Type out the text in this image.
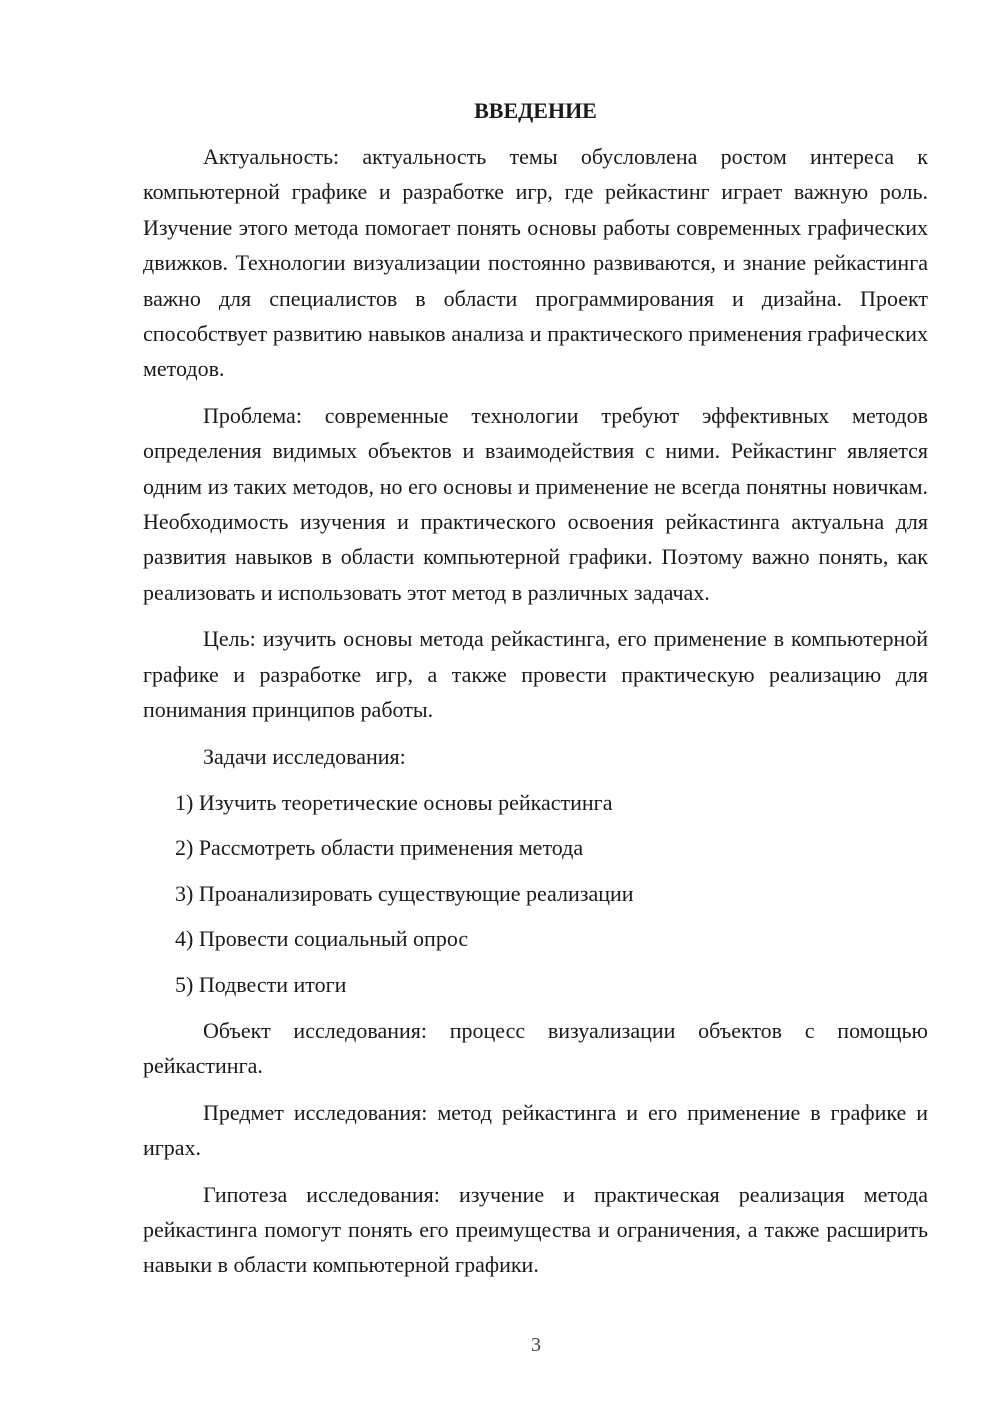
ВВЕДЕНИЕ

Актуальность: актуальность темы обусловлена ростом интереса к компьютерной графике и разработке игр, где рейкастинг играет важную роль. Изучение этого метода помогает понять основы работы современных графических движков. Технологии визуализации постоянно развиваются, и знание рейкастинга важно для специалистов в области программирования и дизайна. Проект способствует развитию навыков анализа и практического применения графических методов.

Проблема: современные технологии требуют эффективных методов определения видимых объектов и взаимодействия с ними. Рейкастинг является одним из таких методов, но его основы и применение не всегда понятны новичкам. Необходимость изучения и практического освоения рейкастинга актуальна для развития навыков в области компьютерной графики. Поэтому важно понять, как реализовать и использовать этот метод в различных задачах.

Цель: изучить основы метода рейкастинга, его применение в компьютерной графике и разработке игр, а также провести практическую реализацию для понимания принципов работы.

Задачи исследования:

1) Изучить теоретические основы рейкастинга
2) Рассмотреть области применения метода
3) Проанализировать существующие реализации
4) Провести социальный опрос
5) Подвести итоги

Объект исследования: процесс визуализации объектов с помощью рейкастинга.

Предмет исследования: метод рейкастинга и его применение в графике и играх.

Гипотеза исследования: изучение и практическая реализация метода рейкастинга помогут понять его преимущества и ограничения, а также расширить навыки в области компьютерной графики.

3
